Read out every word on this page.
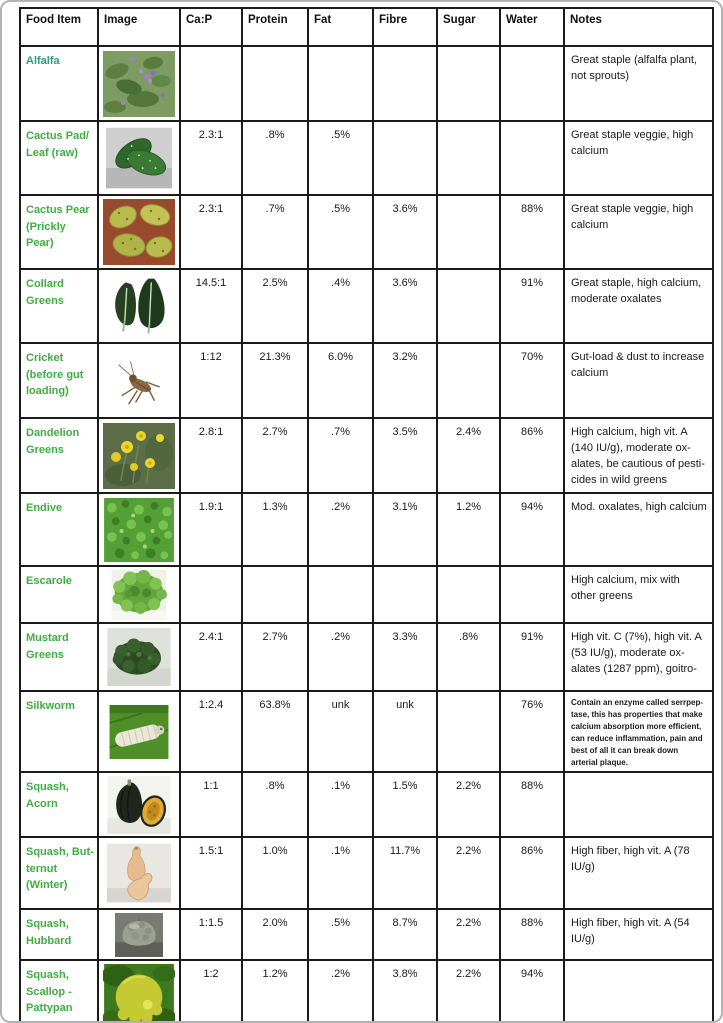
Food Item	Image	Ca:P	Protein	Fat	Fibre	Sugar	Water	Notes
Alfalfa								Great staple (alfalfa plant, not sprouts)
Cactus Pad/​Leaf (raw)		2.3:1	.8%	.5%				Great staple veggie, high calcium
Cactus Pear (Prickly Pear)		2.3:1	.7%	.5%	3.6%		88%	Great staple veggie, high calcium
Collard Greens		14.5:1	2.5%	.4%	3.6%		91%	Great staple, high calcium, moderate oxalates
Cricket (before gut loading)		1:12	21.3%	6.0%	3.2%		70%	Gut-load & dust to increase calcium
Dandelion Greens		2.8:1	2.7%	.7%	3.5%	2.4%	86%	High calcium, high vit. A (140 IU/g), moderate oxalates, be cautious of pesticides in wild greens
Endive		1.9:1	1.3%	.2%	3.1%	1.2%	94%	Mod. oxalates, high calcium
Escarole								High calcium, mix with other greens
Mustard Greens		2.4:1	2.7%	.2%	3.3%	.8%	91%	High vit. C (7%), high vit. A (53 IU/g), moderate oxalates (1287 ppm), goitro-
Silkworm		1:2.4	63.8%	unk	unk		76%	Contain an enzyme called serrpeptase, this has properties that make calcium absorption more efficient, can reduce inflammation, pain and best of all it can break down arterial plaque.
Squash, Acorn		1:1	.8%	.1%	1.5%	2.2%	88%	
Squash, Butternut (Winter)		1.5:1	1.0%	.1%	11.7%	2.2%	86%	High fiber, high vit. A (78 IU/g)
Squash, Hubbard		1:1.5	2.0%	.5%	8.7%	2.2%	88%	High fiber, high vit. A (54 IU/g)
Squash, Scallop - Pattypan		1:2	1.2%	.2%	3.8%	2.2%	94%	
